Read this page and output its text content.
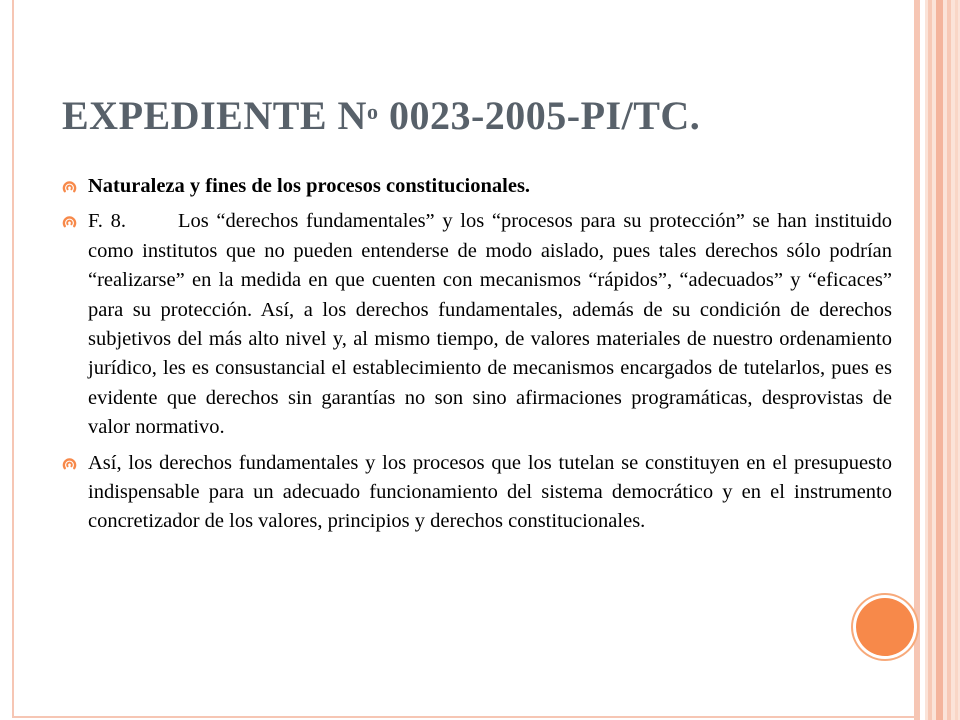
EXPEDIENTE $N^o$ 0023-2005-PI/TC.
Naturaleza y fines de los procesos constitucionales.
F. 8.	Los “derechos fundamentales” y los “procesos para su protección” se han instituido como institutos que no pueden entenderse de modo aislado, pues tales derechos sólo podrían “realizarse” en la medida en que cuenten con mecanismos “rápidos”, “adecuados” y “eficaces” para su protección. Así, a los derechos fundamentales, además de su condición de derechos subjetivos del más alto nivel y, al mismo tiempo, de valores materiales de nuestro ordenamiento jurídico, les es consustancial el establecimiento de mecanismos encargados de tutelarlos, pues es evidente que derechos sin garantías no son sino afirmaciones programáticas, desprovistas de valor normativo.
Así, los derechos fundamentales y los procesos que los tutelan se constituyen en el presupuesto indispensable para un adecuado funcionamiento del sistema democrático y en el instrumento concretizador de los valores, principios y derechos constitucionales.
